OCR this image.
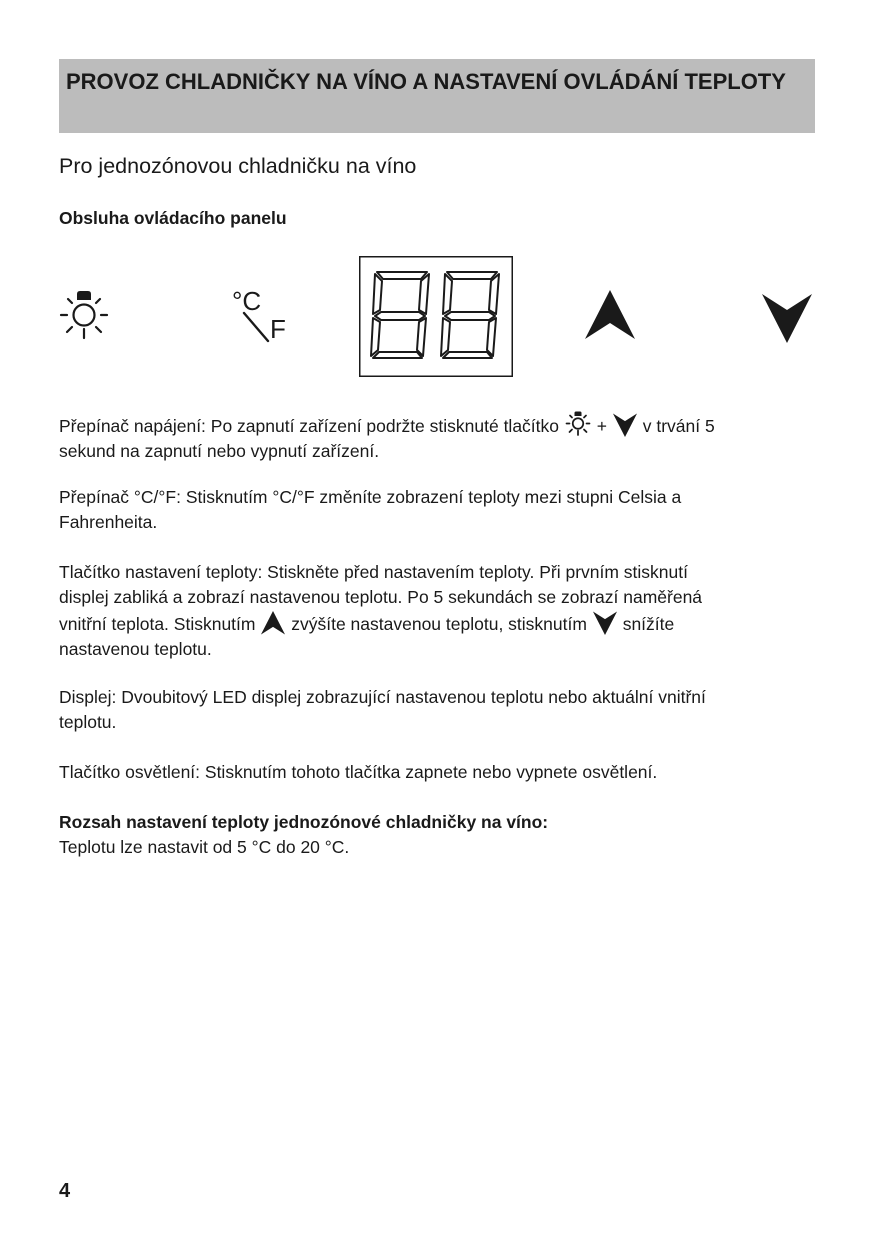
PROVOZ CHLADNIČKY NA VÍNO A NASTAVENÍ OVLÁDÁNÍ TEPLOTY
Pro jednozónovou chladničku na víno
Obsluha ovládacího panelu
°C
F

Přepínač napájení: Po zapnutí zařízení podržte stisknuté tlačítko + v trvání 5
sekund na zapnutí nebo vypnutí zařízení.

Přepínač °C/°F: Stisknutím °C/°F změníte zobrazení teploty mezi stupni Celsia a
Fahrenheita.

Tlačítko nastavení teploty: Stiskněte před nastavením teploty. Při prvním stisknutí
displej zabliká a zobrazí nastavenou teplotu. Po 5 sekundách se zobrazí naměřená
vnitřní teplota. Stisknutím zvýšíte nastavenou teplotu, stisknutím snížíte
nastavenou teplotu.

Displej: Dvoubitový LED displej zobrazující nastavenou teplotu nebo aktuální vnitřní
teplotu.

Tlačítko osvětlení: Stisknutím tohoto tlačítka zapnete nebo vypnete osvětlení.

Rozsah nastavení teploty jednozónové chladničky na víno:
Teplotu lze nastavit od 5 °C do 20 °C.

4
